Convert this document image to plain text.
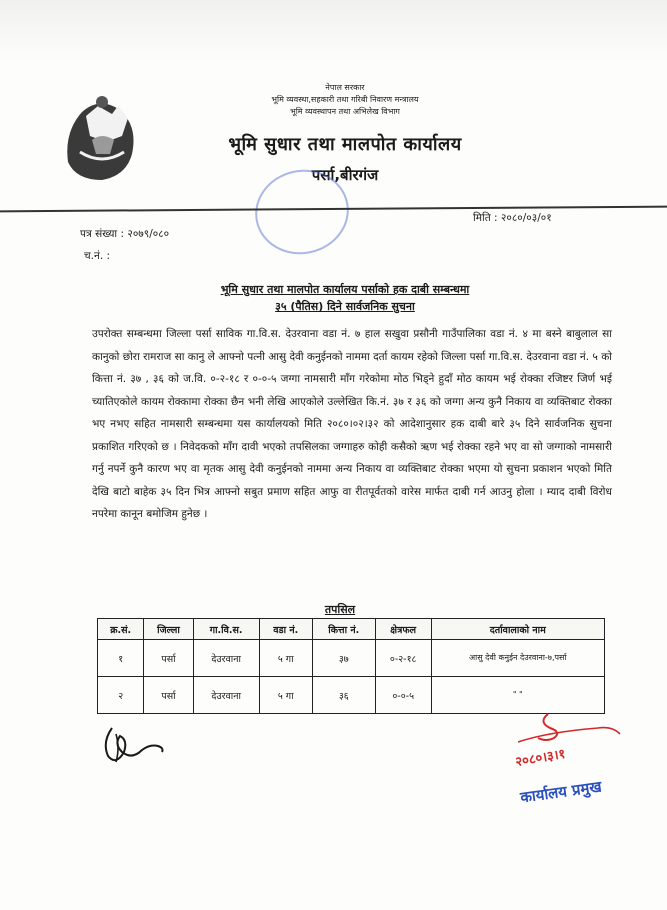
नेपाल सरकार
भूमि व्यवस्था,सहकारी तथा गरिबी निवारण मन्त्रालय
भूमि व्यवस्थापन तथा अभिलेख विभाग
भूमि सुधार तथा मालपोत कार्यालय
पर्सा,बीरगंज
पत्र संख्या : २०७९/०८०
च.नं. :
मिति : २०८०/०३/०१
भूमि सुधार तथा मालपोत कार्यालय पर्साको हक दाबी सम्बन्धमा
३५ (पैतिस) दिने सार्वजनिक सुचना
उपरोक्त सम्बन्धमा जिल्ला पर्सा साविक गा.वि.स. देउरवाना वडा नं. ७ हाल सखुवा प्रसौनी गाउँपालिका वडा नं. ४ मा बस्ने बाबुलाल सा कानुको छोरा रामराज सा कानु ले आफ्नो पत्नी आसु देवी कनुईनको नाममा दर्ता कायम रहेको जिल्ला पर्सा गा.वि.स. देउरवाना वडा नं. ५ को कित्ता नं. ३७ , ३६ को ज.वि. ०-२-१८ र ०-०-५ जग्गा नामसारी माँग गरेकोमा मोठ भिड्ने हुदाँ मोठ कायम भई रोक्का रजिष्टर जिर्ण भई च्यातिएकोले कायम रोक्कामा रोक्का छैन भनी लेखि आएकोले उल्लेखित कि.नं. ३७ र ३६ को जग्गा अन्य कुनै निकाय वा व्यक्तिबाट रोक्का भए नभए सहित नामसारी सम्बन्धमा यस कार्यालयको मिति २०८०।०२।३२ को आदेशानुसार हक दाबी बारे ३५ दिने सार्वजनिक सुचना प्रकाशित गरिएको छ । निवेदकको माँग दावी भएको तपसिलका जग्गाहरु कोही कसैको ऋण भई रोक्का रहने भए वा सो जग्गाको नामसारी गर्नु नपर्ने कुनै कारण भए वा मृतक आसु देवी कनुईनको नाममा अन्य निकाय वा व्यक्तिबाट रोक्का भएमा यो सुचना प्रकाशन भएको मिति देखि बाटो बाहेक ३५ दिन भित्र आफ्नो सबुत प्रमाण सहित आफु वा रीतपूर्वतको वारेस मार्फत दाबी गर्न आउनु होला । म्याद दाबी विरोध नपरेमा कानून बमोजिम हुनेछ ।
तपसिल
क्र.सं.	जिल्ला	गा.वि.स.	वडा नं.	कित्ता नं.	क्षेत्रफल	दर्तावालाको नाम
१	पर्सा	देउरवाना	५ गा	३७	०-२-१८	आसु देवी कनुईन देउरवाना-७,पर्सा
२	पर्सा	देउरवाना	५ गा	३६	०-०-५	" "
२०८०।३।१
कार्यालय प्रमुख
